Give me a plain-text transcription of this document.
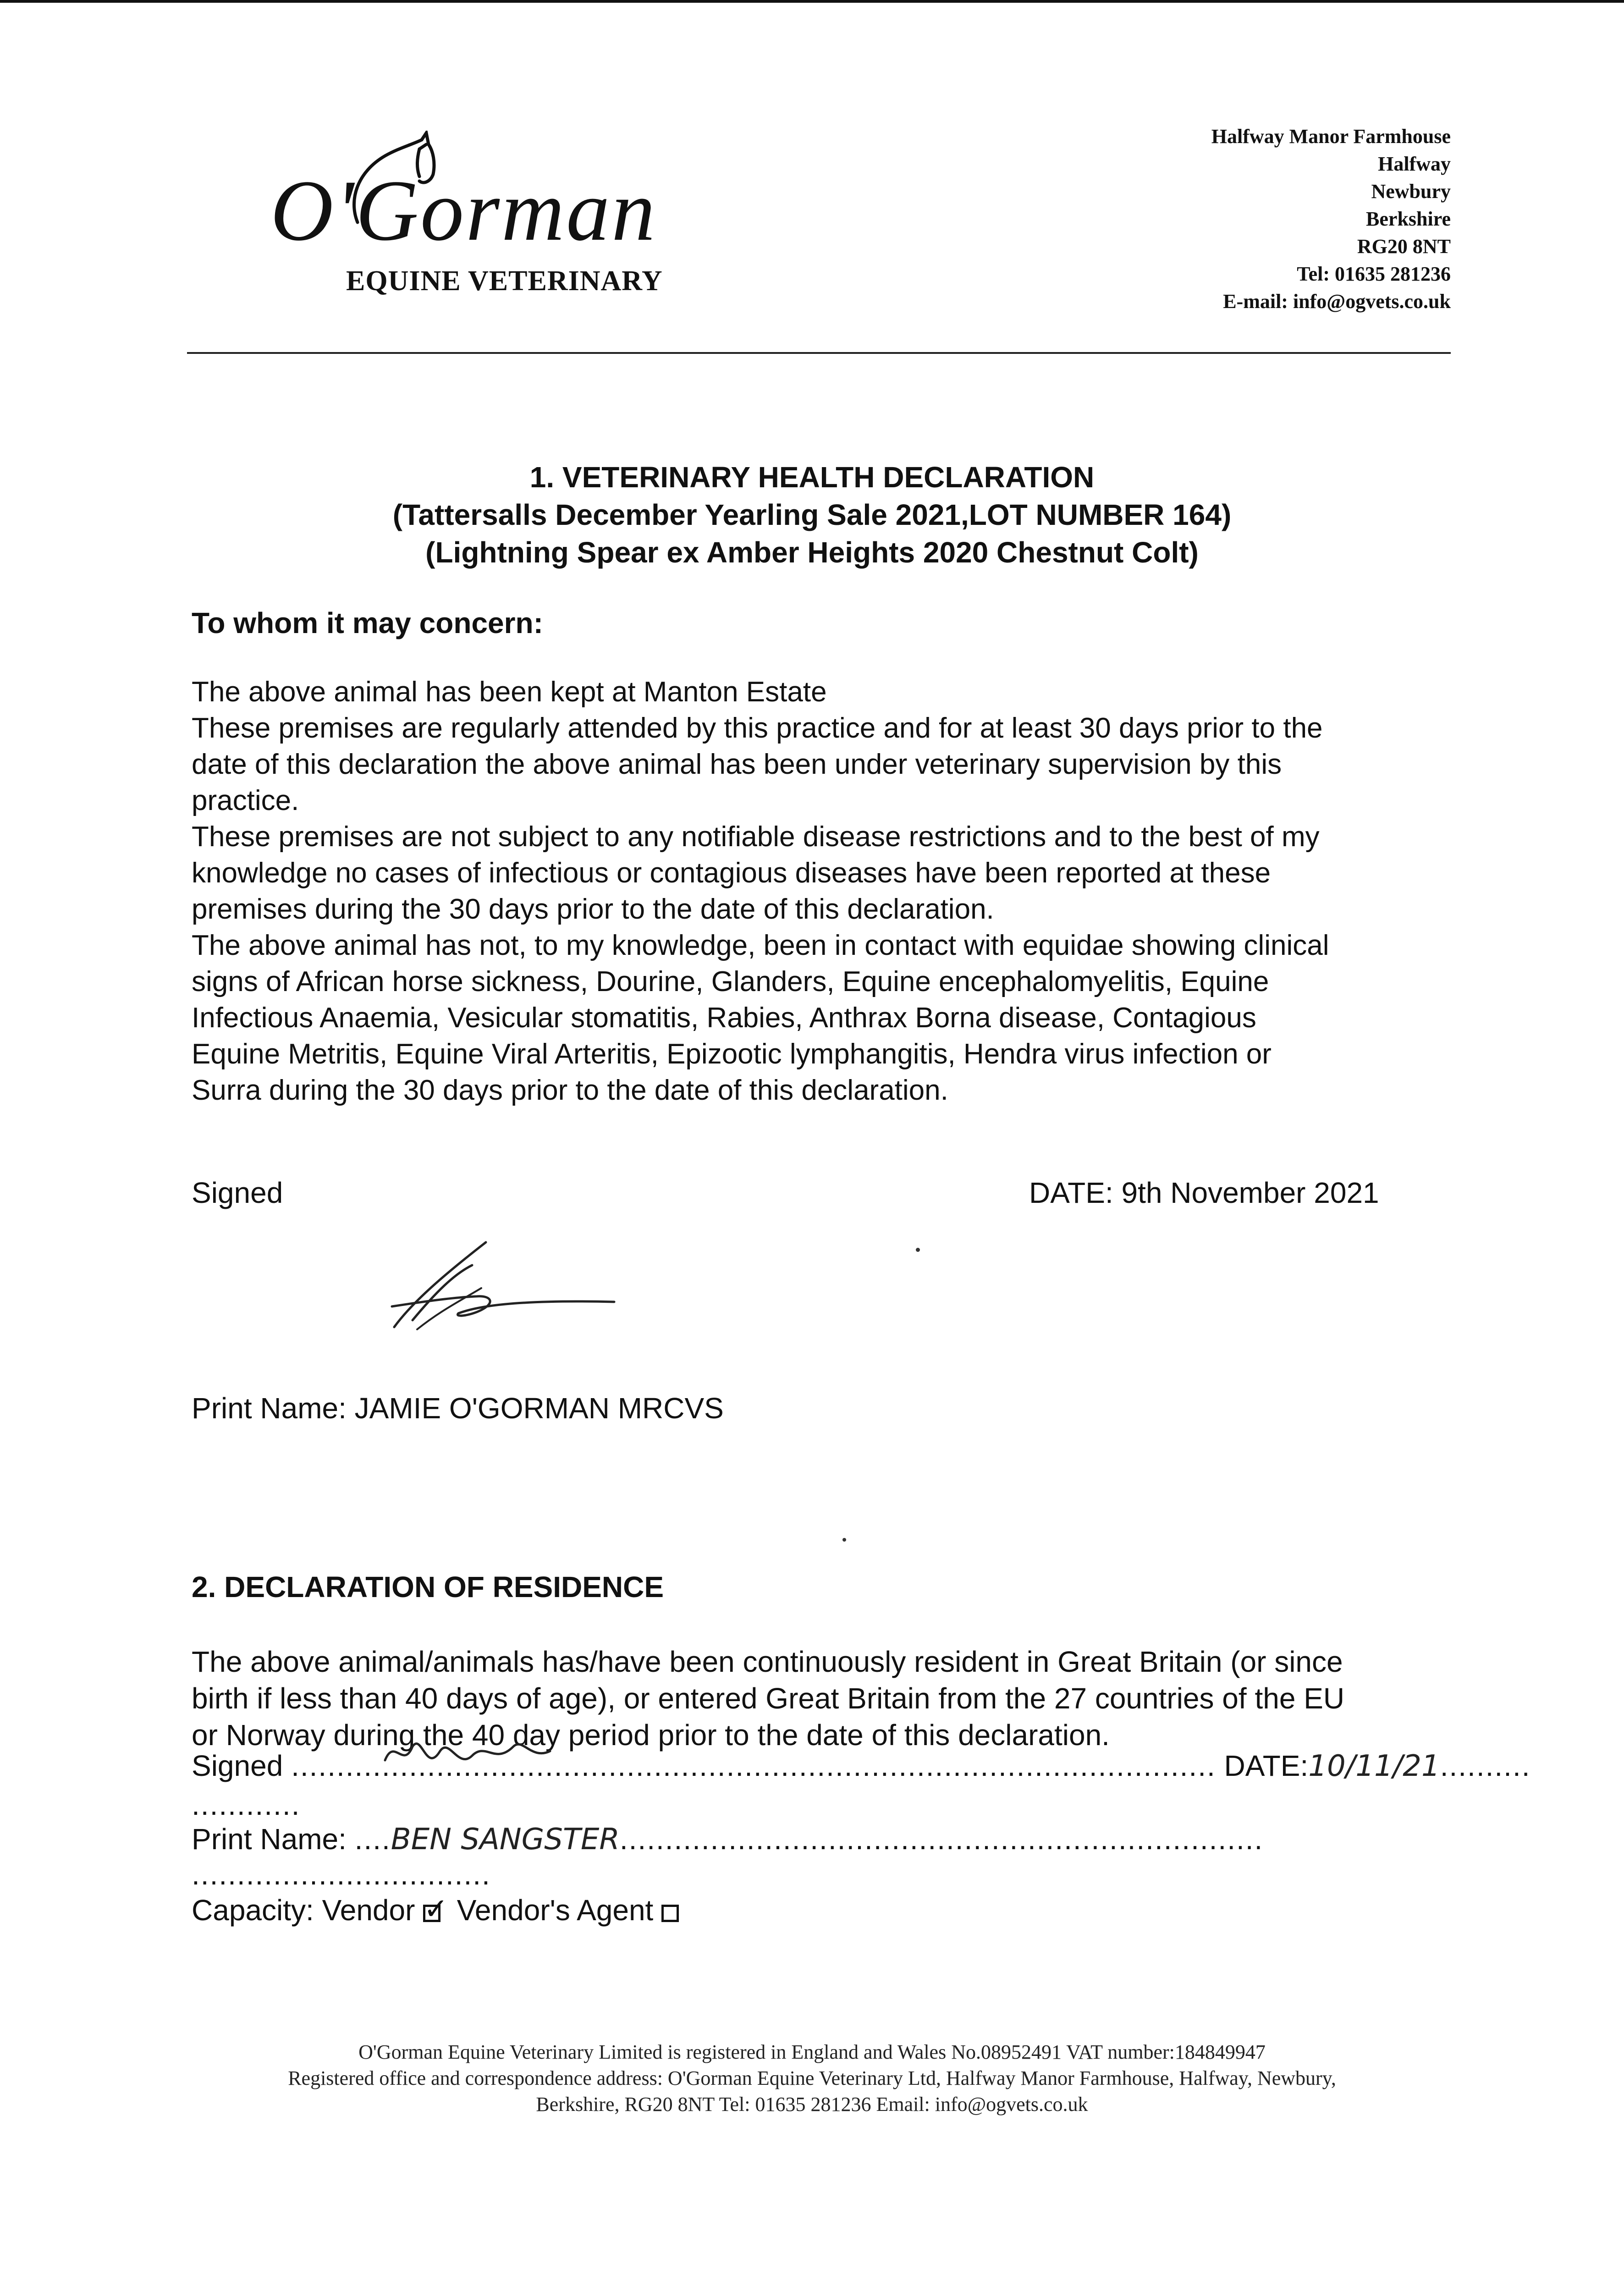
O'Gorman
EQUINE VETERINARY
Halfway Manor Farmhouse
Halfway
Newbury
Berkshire
RG20 8NT
Tel: 01635 281236
E-mail: info@ogvets.co.uk
1. VETERINARY HEALTH DECLARATION
(Tattersalls December Yearling Sale 2021,LOT NUMBER 164)
(Lightning Spear ex Amber Heights 2020 Chestnut Colt)
To whom it may concern:
The above animal has been kept at Manton Estate
These premises are regularly attended by this practice and for at least 30 days prior to the
date of this declaration the above animal has been under veterinary supervision by this
practice.
These premises are not subject to any notifiable disease restrictions and to the best of my
knowledge no cases of infectious or contagious diseases have been reported at these
premises during the 30 days prior to the date of this declaration.
The above animal has not, to my knowledge, been in contact with equidae showing clinical
signs of African horse sickness, Dourine, Glanders, Equine encephalomyelitis, Equine
Infectious Anaemia, Vesicular stomatitis, Rabies, Anthrax Borna disease, Contagious
Equine Metritis, Equine Viral Arteritis, Epizootic lymphangitis, Hendra virus infection or
Surra during the 30 days prior to the date of this declaration.
Signed	DATE: 9th November 2021
Print Name: JAMIE O'GORMAN MRCVS
2. DECLARATION OF RESIDENCE
The above animal/animals has/have been continuously resident in Great Britain (or since
birth if less than 40 days of age), or entered Great Britain from the 27 countries of the EU
or Norway during the 40 day period prior to the date of this declaration.
Signed ...................................................................................................... DATE:10/11/21..........
............
Print Name: ....BEN SANGSTER.......................................................................
.................................
Capacity: Vendor ✓ Vendor's Agent
O'Gorman Equine Veterinary Limited is registered in England and Wales No.08952491 VAT number:184849947
Registered office and correspondence address: O'Gorman Equine Veterinary Ltd, Halfway Manor Farmhouse, Halfway, Newbury,
Berkshire, RG20 8NT Tel: 01635 281236 Email: info@ogvets.co.uk
